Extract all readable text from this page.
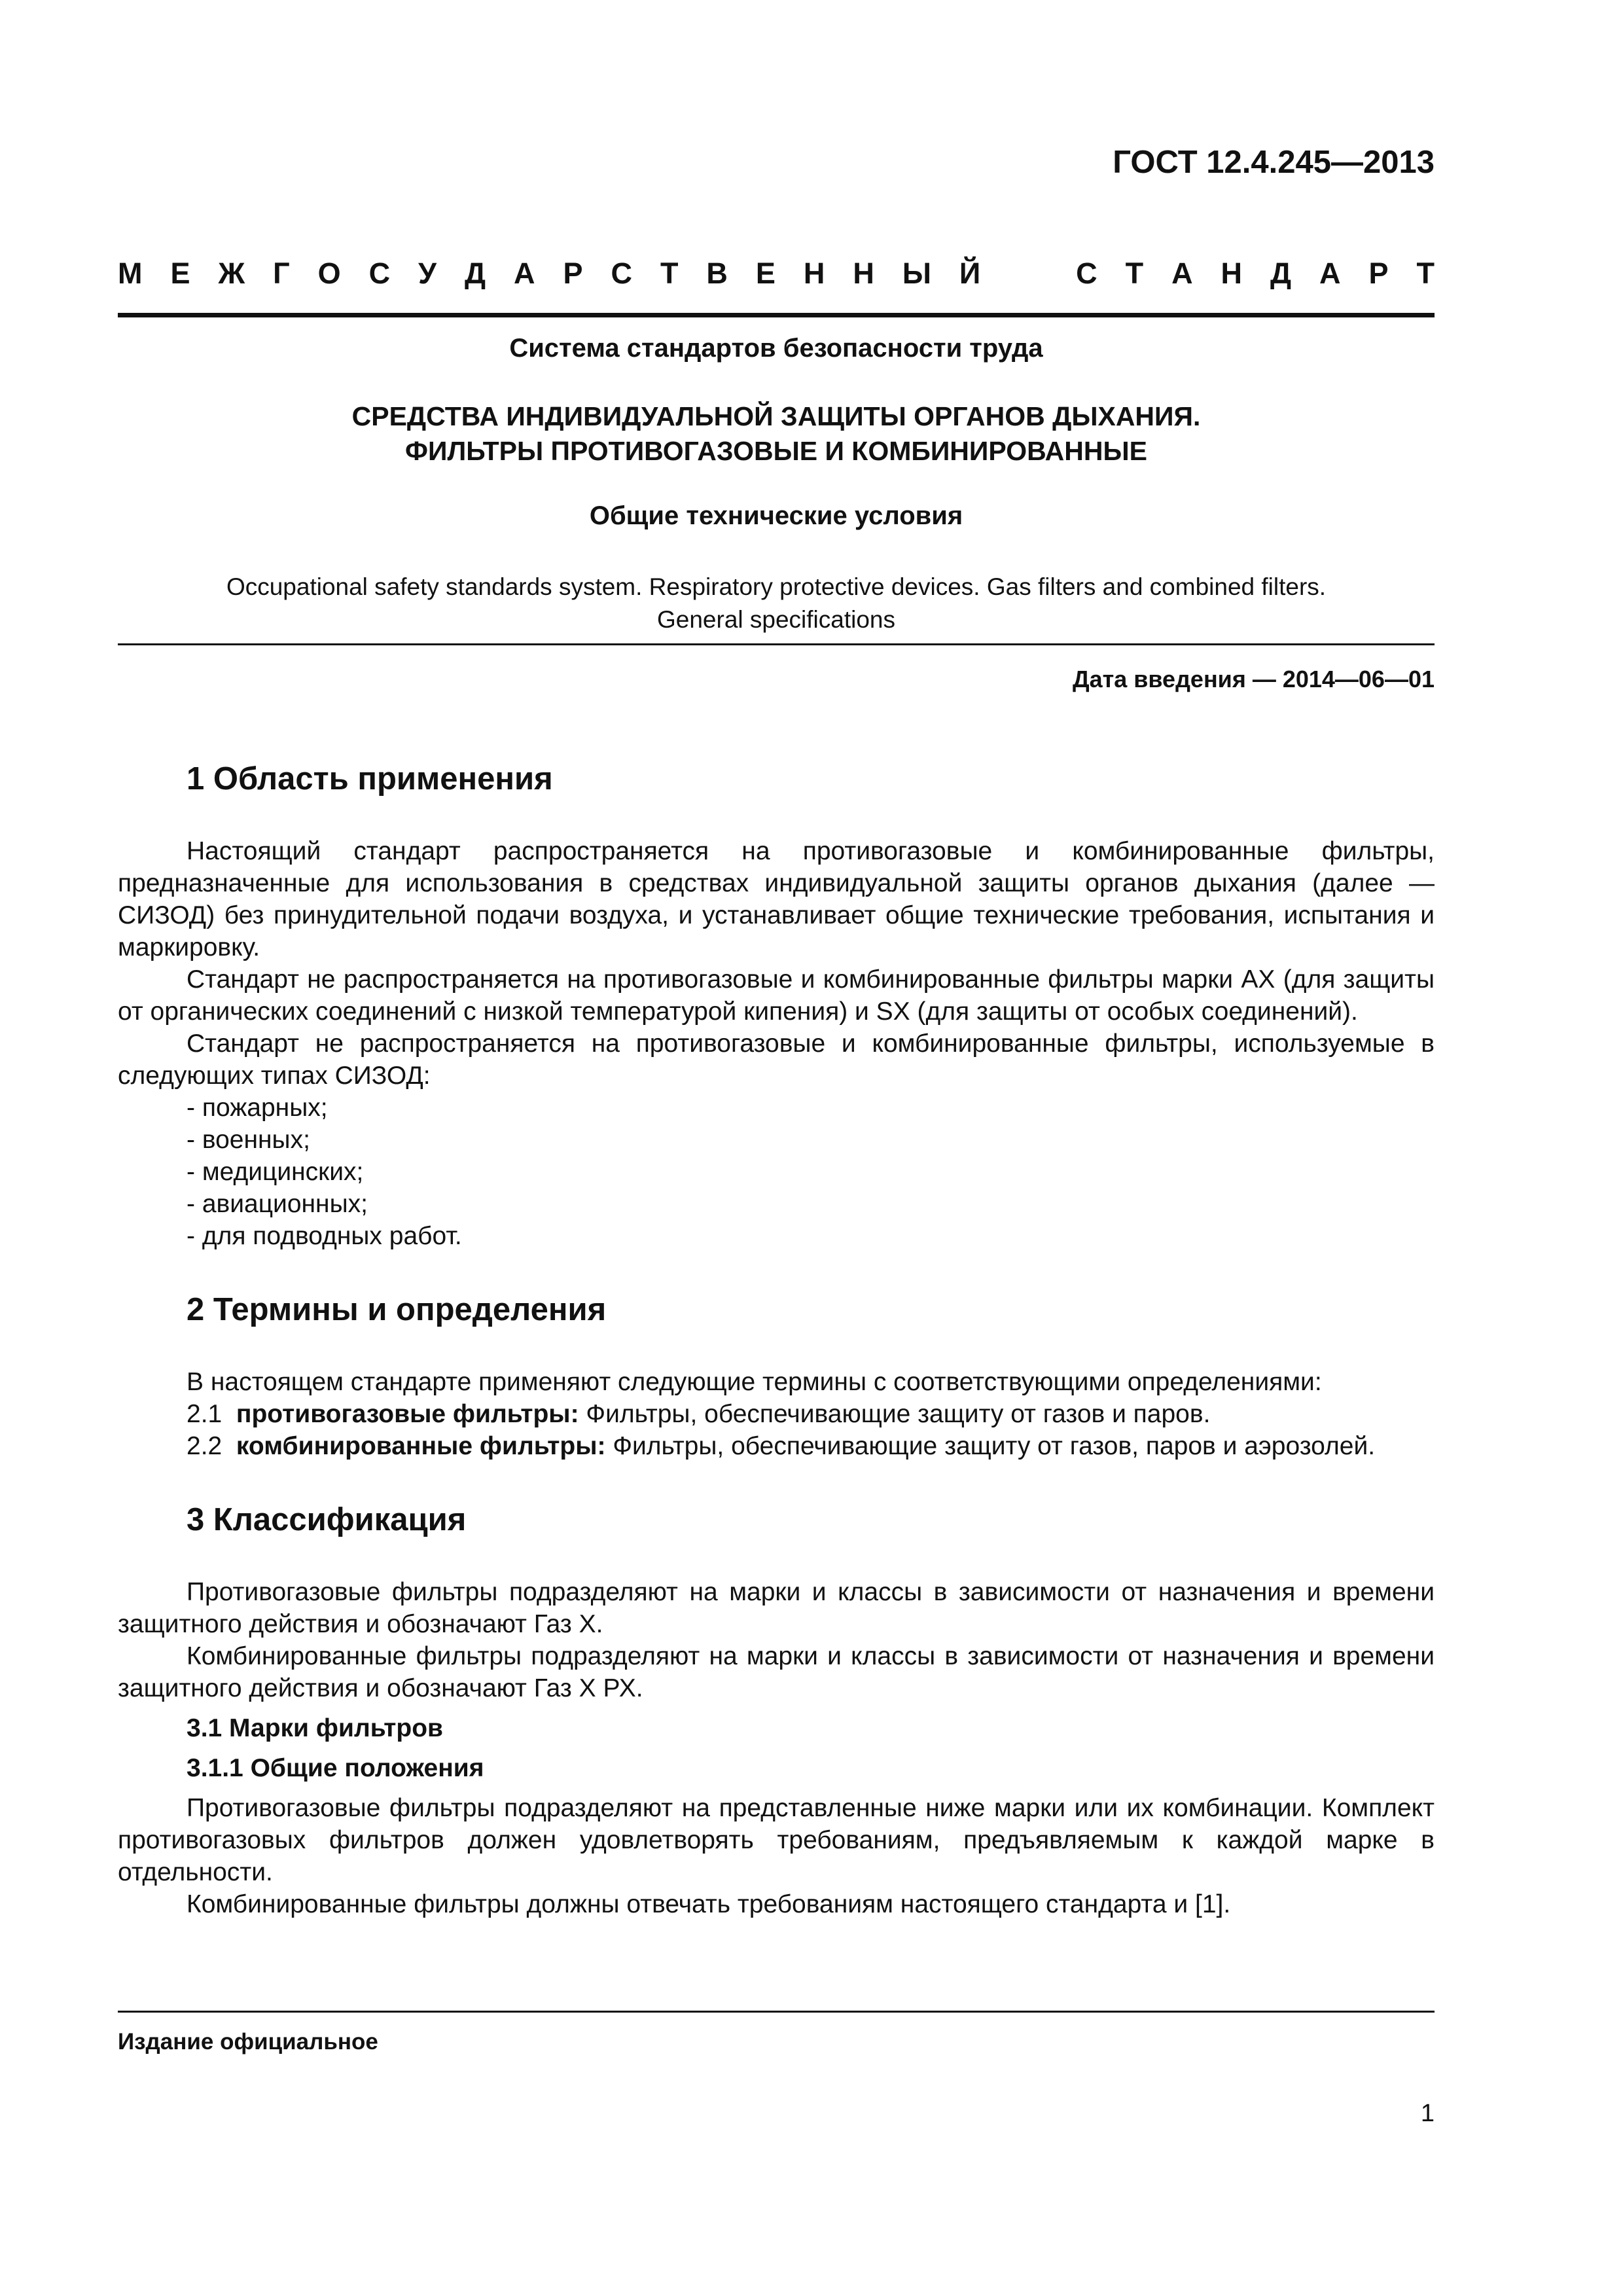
ГОСТ 12.4.245—2013
М Е Ж Г О С У Д А Р С Т В Е Н Н Ы Й	С Т А Н Д А Р Т
Система стандартов безопасности труда
СРЕДСТВА ИНДИВИДУАЛЬНОЙ ЗАЩИТЫ ОРГАНОВ ДЫХАНИЯ.
ФИЛЬТРЫ ПРОТИВОГАЗОВЫЕ И КОМБИНИРОВАННЫЕ
Общие технические условия
Occupational safety standards system. Respiratory protective devices. Gas filters and combined filters.
General specifications
Дата введения — 2014—06—01
1 Область применения

Настоящий стандарт распространяется на противогазовые и комбинированные фильтры, предназначенные для использования в средствах индивидуальной защиты органов дыхания (далее — СИЗОД) без принудительной подачи воздуха, и устанавливает общие технические требования, испытания и маркировку.

Стандарт не распространяется на противогазовые и комбинированные фильтры марки АХ (для защиты от органических соединений с низкой температурой кипения) и SX (для защиты от особых соединений).

Стандарт не распространяется на противогазовые и комбинированные фильтры, используемые в следующих типах СИЗОД:

- пожарных;
- военных;
- медицинских;
- авиационных;
- для подводных работ.
2 Термины и определения

В настоящем стандарте применяют следующие термины с соответствующими определениями:

2.1 противогазовые фильтры: Фильтры, обеспечивающие защиту от газов и паров.

2.2 комбинированные фильтры: Фильтры, обеспечивающие защиту от газов, паров и аэрозолей.

3 Классификация

Противогазовые фильтры подразделяют на марки и классы в зависимости от назначения и времени защитного действия и обозначают Газ X.

Комбинированные фильтры подразделяют на марки и классы в зависимости от назначения и времени защитного действия и обозначают Газ X РХ.

3.1 Марки фильтров
3.1.1 Общие положения

Противогазовые фильтры подразделяют на представленные ниже марки или их комбинации. Комплект противогазовых фильтров должен удовлетворять требованиям, предъявляемым к каждой марке в отдельности.

Комбинированные фильтры должны отвечать требованиям настоящего стандарта и [1].

Издание официальное
1
